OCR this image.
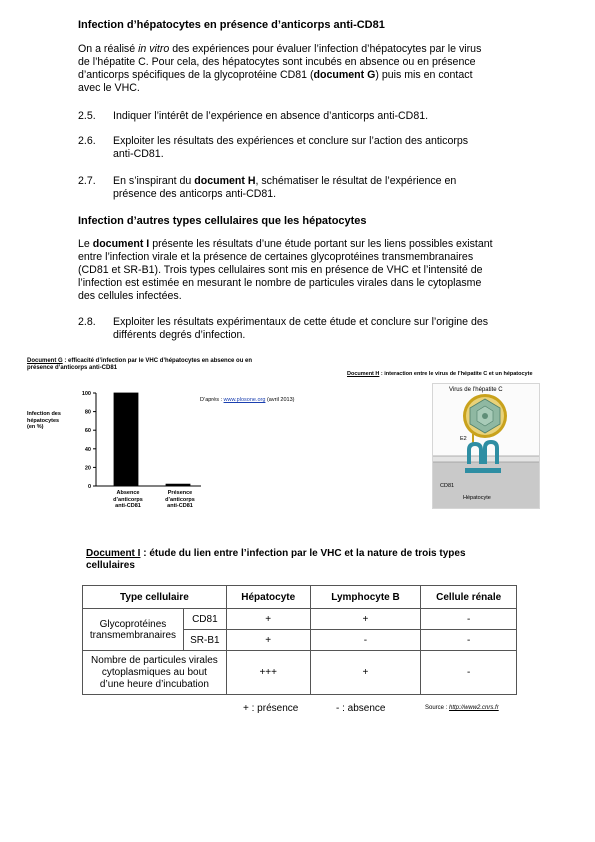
Infection d’hépatocytes en présence d’anticorps anti-CD81
On a réalisé in vitro des expériences pour évaluer l’infection d’hépatocytes par le virus
de l’hépatite C. Pour cela, des hépatocytes sont incubés en absence ou en présence
d’anticorps spécifiques de la glycoprotéine CD81 (document G) puis mis en contact
avec le VHC.
2.5. Indiquer l’intérêt de l’expérience en absence d’anticorps anti-CD81.
2.6. Exploiter les résultats des expériences et conclure sur l’action des anticorps
anti-CD81.
2.7. En s’inspirant du document H, schématiser le résultat de l’expérience en
présence des anticorps anti-CD81.
Infection d’autres types cellulaires que les hépatocytes
Le document I présente les résultats d’une étude portant sur les liens possibles existant
entre l’infection virale et la présence de certaines glycoprotéines transmembranaires
(CD81 et SR-B1). Trois types cellulaires sont mis en présence de VHC et l’intensité de
l’infection est estimée en mesurant le nombre de particules virales dans le cytoplasme
des cellules infectées.
2.8. Exploiter les résultats expérimentaux de cette étude et conclure sur l’origine des
différents degrés d’infection.
Document G : efficacité d’infection par le VHC d’hépatocytes en absence ou en
présence d’anticorps anti-CD81
Infection des
hépatocytes
(en %)
D’après : www.plosone.org (avril 2013)
0
20
40
60
80
100
Absence
d’anticorps
anti-CD81
Présence
d’anticorps
anti-CD81
Document H : interaction entre le virus de l’hépatite C et un hépatocyte
Virus de l’hépatite C
E2
CD81
Hépatocyte
Document I : étude du lien entre l’infection par le VHC et la nature de trois types
cellulaires
Type cellulaire		Hépatocyte	Lymphocyte B	Cellule rénale

Glycoprotéines
transmembranaires	CD81	+	+	-
	SR-B1	+	-	-

Nombre de particules virales
cytoplasmiques au bout
d’une heure d’incubation		+++	+	-
+ : présence	- : absence	Source : http://www2.cnrs.fr
